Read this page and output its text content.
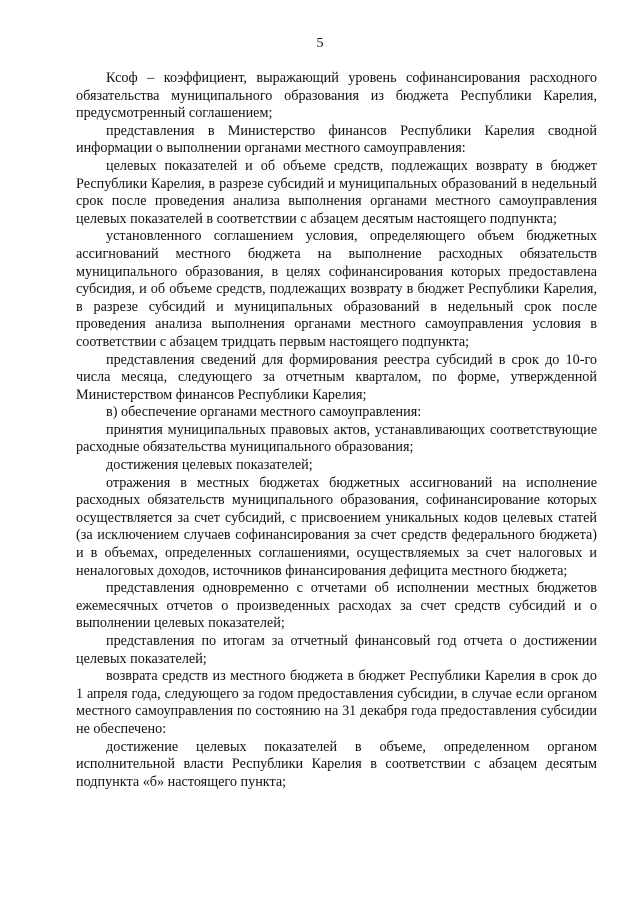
5

Ксоф – коэффициент, выражающий уровень софинансирования расходного обязательства муниципального образования из бюджета Республики Карелия, предусмотренный соглашением;

представления в Министерство финансов Республики Карелия сводной информации о выполнении органами местного самоуправления:

целевых показателей и об объеме средств, подлежащих возврату в бюджет Республики Карелия, в разрезе субсидий и муниципальных образований в недельный срок после проведения анализа выполнения органами местного самоуправления целевых показателей в соответствии с абзацем десятым настоящего подпункта;

установленного соглашением условия, определяющего объем бюджетных ассигнований местного бюджета на выполнение расходных обязательств муниципального образования, в целях софинансирования которых предоставлена субсидия, и об объеме средств, подлежащих возврату в бюджет Республики Карелия, в разрезе субсидий и муниципальных образований в недельный срок после проведения анализа выполнения органами местного самоуправления условия в соответствии с абзацем тридцать первым настоящего подпункта;

представления сведений для формирования реестра субсидий в срок до 10-го числа месяца, следующего за отчетным кварталом, по форме, утвержденной Министерством финансов Республики Карелия;

в) обеспечение органами местного самоуправления:

принятия муниципальных правовых актов, устанавливающих соответствующие расходные обязательства муниципального образования;

достижения целевых показателей;

отражения в местных бюджетах бюджетных ассигнований на исполнение расходных обязательств муниципального образования, софинансирование которых осуществляется за счет субсидий, с присвоением уникальных кодов целевых статей (за исключением случаев софинансирования за счет средств федерального бюджета) и в объемах, определенных соглашениями, осуществляемых за счет налоговых и неналоговых доходов, источников финансирования дефицита местного бюджета;

представления одновременно с отчетами об исполнении местных бюджетов ежемесячных отчетов о произведенных расходах за счет средств субсидий и о выполнении целевых показателей;

представления по итогам за отчетный финансовый год отчета о достижении целевых показателей;

возврата средств из местного бюджета в бюджет Республики Карелия в срок до 1 апреля года, следующего за годом предоставления субсидии, в случае если органом местного самоуправления по состоянию на 31 декабря года предоставления субсидии не обеспечено:

достижение целевых показателей в объеме, определенном органом исполнительной власти Республики Карелия в соответствии с абзацем десятым подпункта «б» настоящего пункта;
